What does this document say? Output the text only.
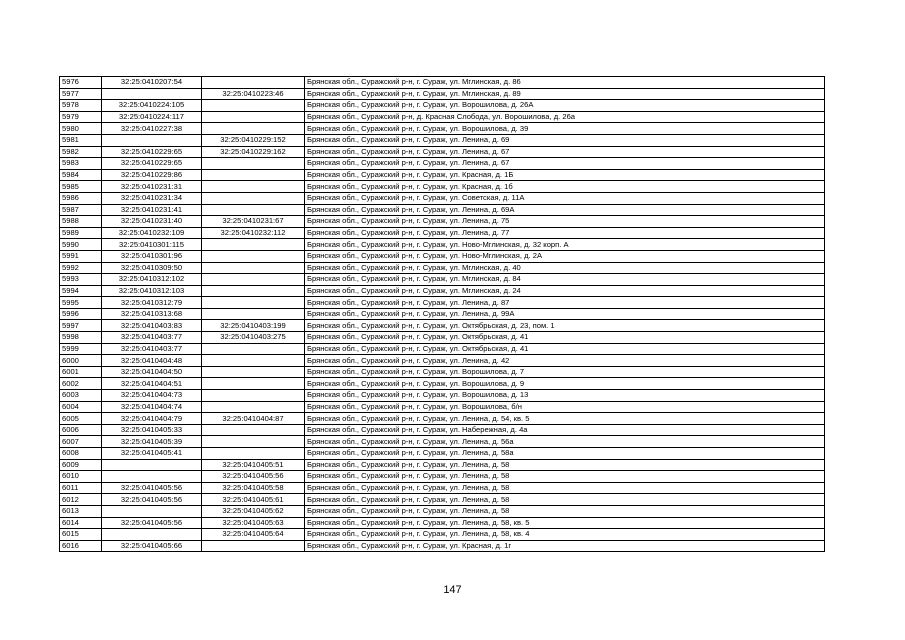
5976	32:25:0410207:54		Брянская обл., Суражский р-н, г. Сураж, ул. Мглинская, д. 86
5977		32:25:0410223:46	Брянская обл., Суражский р-н, г. Сураж, ул. Мглинская, д. 89
5978	32:25:0410224:105		Брянская обл., Суражский р-н, г. Сураж, ул. Ворошилова, д. 26А
5979	32:25:0410224:117		Брянская обл., Суражский р-н, д. Красная Слобода, ул. Ворошилова, д. 26а
5980	32:25:0410227:38		Брянская обл., Суражский р-н, г. Сураж, ул. Ворошилова, д. 39
5981		32:25:0410229:152	Брянская обл., Суражский р-н, г. Сураж, ул. Ленина, д. 69
5982	32:25:0410229:65	32:25:0410229:162	Брянская обл., Суражский р-н, г. Сураж, ул. Ленина, д. 67
5983	32:25:0410229:65		Брянская обл., Суражский р-н, г. Сураж, ул. Ленина, д. 67
5984	32:25:0410229:86		Брянская обл., Суражский р-н, г. Сураж, ул. Красная, д. 1Б
5985	32:25:0410231:31		Брянская обл., Суражский р-н, г. Сураж, ул. Красная, д. 1б
5986	32:25:0410231:34		Брянская обл., Суражский р-н, г. Сураж, ул. Советская, д. 11А
5987	32:25:0410231:41		Брянская обл., Суражский р-н, г. Сураж, ул. Ленина, д. 69А
5988	32:25:0410231:40	32:25:0410231:67	Брянская обл., Суражский р-н, г. Сураж, ул. Ленина, д. 75
5989	32:25:0410232:109	32:25:0410232:112	Брянская обл., Суражский р-н, г. Сураж, ул. Ленина, д. 77
5990	32:25:0410301:115		Брянская обл., Суражский р-н, г. Сураж, ул. Ново-Мглинская, д. 32 корп. А
5991	32:25:0410301:96		Брянская обл., Суражский р-н, г. Сураж, ул. Ново-Мглинская, д. 2А
5992	32:25:0410309:50		Брянская обл., Суражский р-н, г. Сураж, ул. Мглинская, д. 40
5993	32:25:0410312:102		Брянская обл., Суражский р-н, г. Сураж, ул. Мглинская, д. 84
5994	32:25:0410312:103		Брянская обл., Суражский р-н, г. Сураж, ул. Мглинская, д. 24
5995	32:25:0410312:79		Брянская обл., Суражский р-н, г. Сураж, ул. Ленина, д. 87
5996	32:25:0410313:68		Брянская обл., Суражский р-н, г. Сураж, ул. Ленина, д. 99А
5997	32:25:0410403:83	32:25:0410403:199	Брянская обл., Суражский р-н, г. Сураж, ул. Октябрьская, д. 23, пом. 1
5998	32:25:0410403:77	32:25:0410403:275	Брянская обл., Суражский р-н, г. Сураж, ул. Октябрьская, д. 41
5999	32:25:0410403:77		Брянская обл., Суражский р-н, г. Сураж, ул. Октябрьская, д. 41
6000	32:25:0410404:48		Брянская обл., Суражский р-н, г. Сураж, ул. Ленина, д. 42
6001	32:25:0410404:50		Брянская обл., Суражский р-н, г. Сураж, ул. Ворошилова, д. 7
6002	32:25:0410404:51		Брянская обл., Суражский р-н, г. Сураж, ул. Ворошилова, д. 9
6003	32:25:0410404:73		Брянская обл., Суражский р-н, г. Сураж, ул. Ворошилова, д. 13
6004	32:25:0410404:74		Брянская обл., Суражский р-н, г. Сураж, ул. Ворошилова, б/н
6005	32:25:0410404:79	32:25:0410404:87	Брянская обл., Суражский р-н, г. Сураж, ул. Ленина, д. 54, кв. 5
6006	32:25:0410405:33		Брянская обл., Суражский р-н, г. Сураж, ул. Набережная, д. 4а
6007	32:25:0410405:39		Брянская обл., Суражский р-н, г. Сураж, ул. Ленина, д. 56а
6008	32:25:0410405:41		Брянская обл., Суражский р-н, г. Сураж, ул. Ленина, д. 58а
6009		32:25:0410405:51	Брянская обл., Суражский р-н, г. Сураж, ул. Ленина, д. 58
6010		32:25:0410405:56	Брянская обл., Суражский р-н, г. Сураж, ул. Ленина, д. 58
6011	32:25:0410405:56	32:25:0410405:58	Брянская обл., Суражский р-н, г. Сураж, ул. Ленина, д. 58
6012	32:25:0410405:56	32:25:0410405:61	Брянская обл., Суражский р-н, г. Сураж, ул. Ленина, д. 58
6013		32:25:0410405:62	Брянская обл., Суражский р-н, г. Сураж, ул. Ленина, д. 58
6014	32:25:0410405:56	32:25:0410405:63	Брянская обл., Суражский р-н, г. Сураж, ул. Ленина, д. 58, кв. 5
6015		32:25:0410405:64	Брянская обл., Суражский р-н, г. Сураж, ул. Ленина, д. 58, кв. 4
6016	32:25:0410405:66		Брянская обл., Суражский р-н, г. Сураж, ул. Красная, д. 1г
147
